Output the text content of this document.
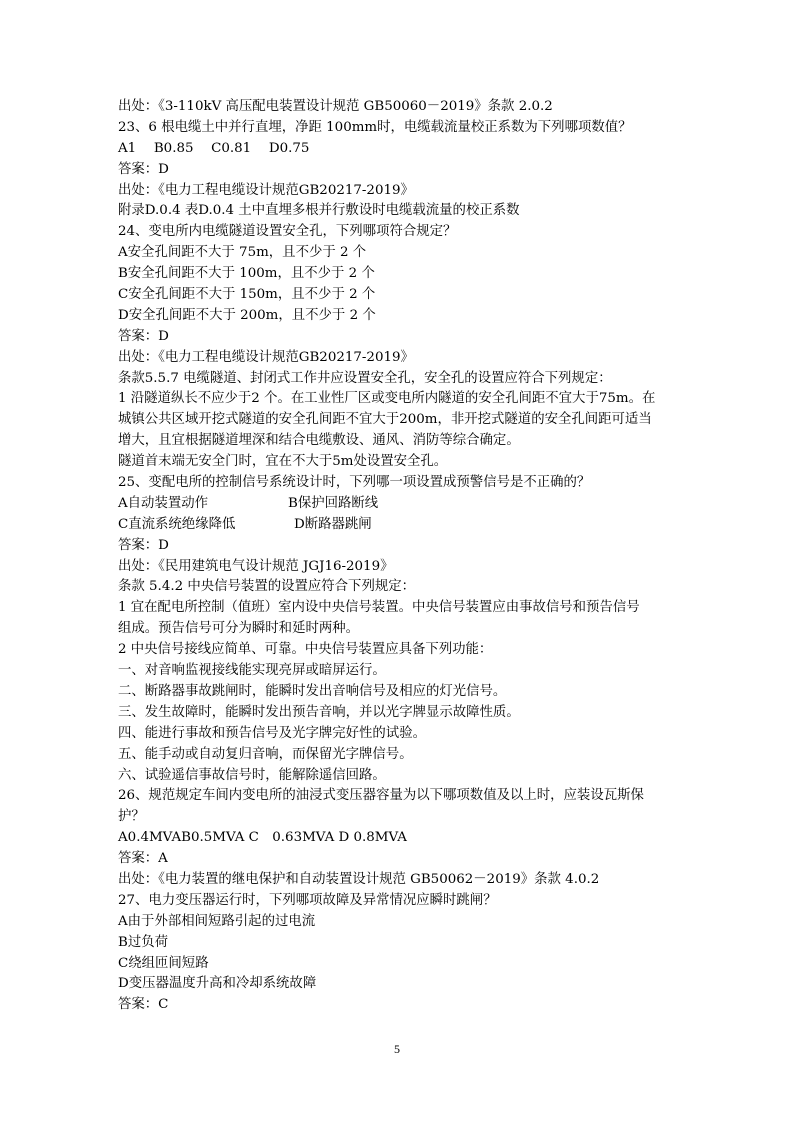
出处：《3-110kV 高压配电装置设计规范 GB50060－2019》条款 2.0.2
23、6 根电缆土中并行直埋，净距 100mm时，电缆载流量校正系数为下列哪项数值？
A1　 B0.85　 C0.81　 D0.75
答案：D
出处：《电力工程电缆设计规范GB20217-2019》
附录D.0.4 表D.0.4 土中直埋多根并行敷设时电缆载流量的校正系数
24、变电所内电缆隧道设置安全孔，下列哪项符合规定？
A安全孔间距不大于 75m，且不少于 2 个
B安全孔间距不大于 100m，且不少于 2 个
C安全孔间距不大于 150m，且不少于 2 个
D安全孔间距不大于 200m，且不少于 2 个
答案：D
出处：《电力工程电缆设计规范GB20217-2019》
条款5.5.7 电缆隧道、封闭式工作井应设置安全孔，安全孔的设置应符合下列规定：
1 沿隧道纵长不应少于2 个。在工业性厂区或变电所内隧道的安全孔间距不宜大于75m。在
城镇公共区域开挖式隧道的安全孔间距不宜大于200m，非开挖式隧道的安全孔间距可适当
增大，且宜根据隧道埋深和结合电缆敷设、通风、消防等综合确定。
隧道首末端无安全门时，宜在不大于5m处设置安全孔。
25、变配电所的控制信号系统设计时，下列哪一项设置成预警信号是不正确的？
A自动装置动作	B保护回路断线
C直流系统绝缘降低	D断路器跳闸
答案：D
出处：《民用建筑电气设计规范 JGJ16-2019》
条款 5.4.2 中央信号装置的设置应符合下列规定：
1 宜在配电所控制（值班）室内设中央信号装置。中央信号装置应由事故信号和预告信号
组成。预告信号可分为瞬时和延时两种。
2 中央信号接线应简单、可靠。中央信号装置应具备下列功能：
一、对音响监视接线能实现亮屏或暗屏运行。
二、断路器事故跳闸时，能瞬时发出音响信号及相应的灯光信号。
三、发生故障时，能瞬时发出预告音响，并以光字牌显示故障性质。
四、能进行事故和预告信号及光字牌完好性的试验。
五、能手动或自动复归音响，而保留光字牌信号。
六、试验遥信事故信号时，能解除遥信回路。
26、规范规定车间内变电所的油浸式变压器容量为以下哪项数值及以上时，应装设瓦斯保
护？
A0.4MVAB0.5MVA C　0.63MVA D 0.8MVA
答案：A
出处：《电力装置的继电保护和自动装置设计规范 GB50062－2019》条款 4.0.2
27、电力变压器运行时，下列哪项故障及异常情况应瞬时跳闸？
A由于外部相间短路引起的过电流
B过负荷
C绕组匝间短路
D变压器温度升高和冷却系统故障
答案：C
5
